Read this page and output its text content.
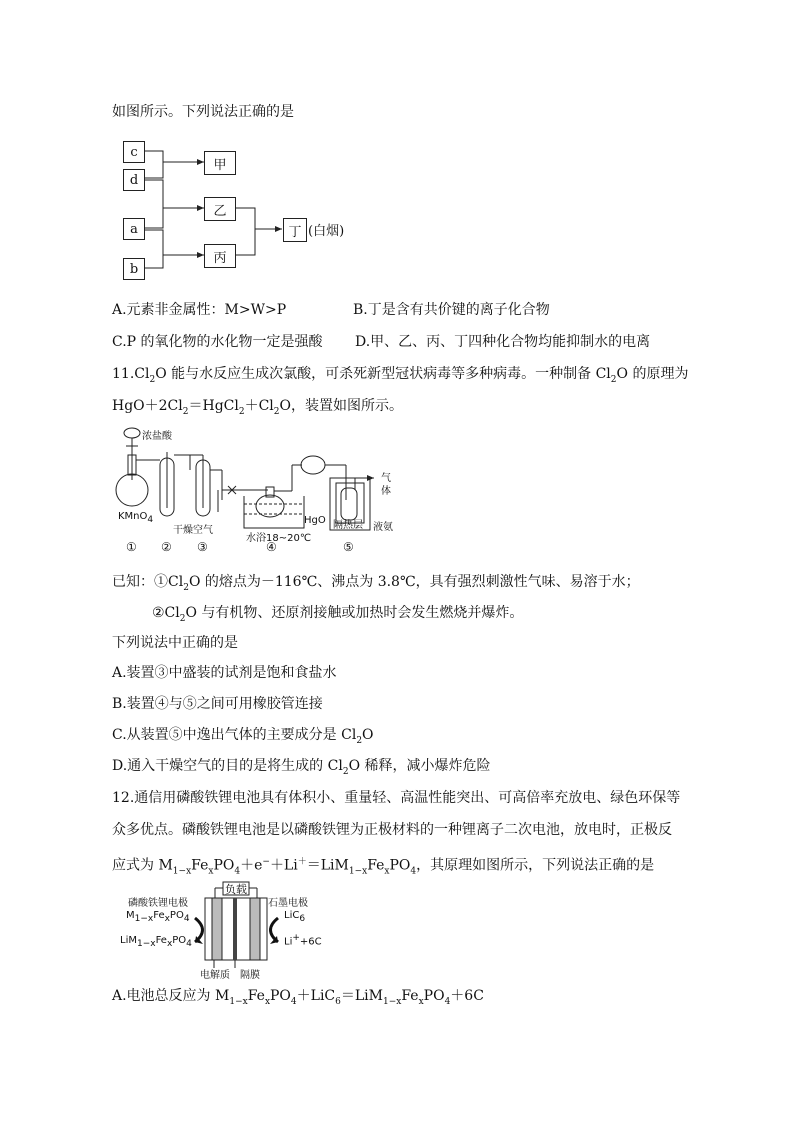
如图所示。下列说法正确的是
c
d
a
b
甲
乙
丙
丁 (白烟)
A.元素非金属性：M>W>P	B.丁是含有共价键的离子化合物
C.P 的氧化物的水化物一定是强酸 D.甲、乙、丙、丁四种化合物均能抑制水的电离
$11.Cl_2O$ 能与水反应生成次氯酸，可杀死新型冠状病毒等多种病毒。一种制备 $Cl_2O$ 的原理为
$HgO+2Cl_2=HgCl_2+Cl_2O$，装置如图所示。
浓盐酸
KMnO$_4$
干燥空气
HgO
水浴18~20℃
气
体
隔热层 液氨
① ② ③	④	⑤
已知：$①Cl_2O$ 的熔点为－116℃、沸点为 3.8℃，具有强烈刺激性气味、易溶于水；
$②Cl_2O$ 与有机物、还原剂接触或加热时会发生燃烧并爆炸。
下列说法中正确的是
A.装置③中盛装的试剂是饱和食盐水
B.装置④与⑤之间可用橡胶管连接
C.从装置⑤中逸出气体的主要成分是 $Cl_2O$
D.通入干燥空气的目的是将生成的 $Cl_2O$ 稀释，减小爆炸危险
12.通信用磷酸铁锂电池具有体积小、重量轻、高温性能突出、可高倍率充放电、绿色环保等
众多优点。磷酸铁锂电池是以磷酸铁锂为正极材料的一种锂离子二次电池，放电时，正极反
应式为 $M_{1-x}Fe_xPO_4+e^-+Li^+=LiM_{1-x}Fe_xPO_4$，其原理如图所示，下列说法正确的是
负载
磷酸铁锂电极	石墨电极
$M_{1-x}Fe_xPO_4$
$LiM_{1-x}Fe_xPO_4$
LiC$_6$
Li++6C
电解质 隔膜
A.电池总反应为 $M_{1-x}Fe_xPO_4+LiC_6=LiM_{1-x}Fe_xPO_4+6C$
